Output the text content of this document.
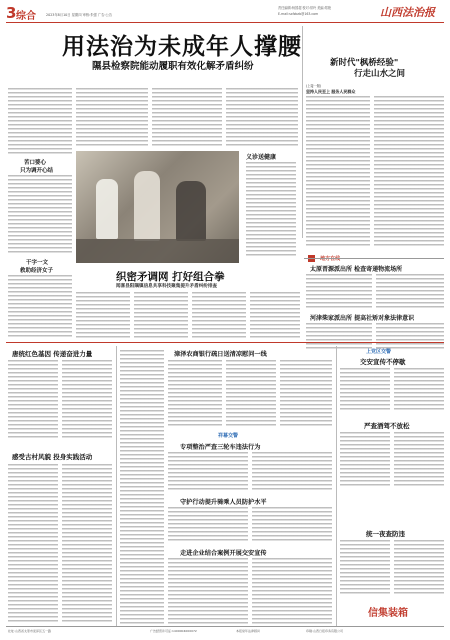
3 综合	2023年8月10日 星期四 审核:朱强 广告:公告
责任编辑:杨国超 校对:常玲 美编:郑艳
E-mail:sxfzbzb@163.com	山西法治报
用法治为未成年人撑腰
隰县检察院能动履职有效化解矛盾纠纷	新时代"枫桥经验"
行走山水之间
(上接一版)
坚持人民至上 服务人民群众
苦口婆心
只为调开心结
干字一文
救助经济女子
义诊送健康
织密矛调网 打好组合拳
闻喜县阳隅镇信息共享科技聚集提升矛盾纠纷排查
地方在线
太原晋源派出所 检查寄递物流场所
河津柴家派出所 提高社矫对象法律意识
唐统红色基因 传递奋进力量
感受古村风貌 投身实践活动
漳泽农商银行疏日送清凉慰问一线
祥幕交警
专项整治严查三轮车违法行为
守护行动提升骑乘人员防护水平
走进企业结合案例开展交安宣传
上党区交警
交安宣传不停歇
严查酒驾不放松
统一夜查防违
信集装箱
社址:山西省太原市迎泽区五一路	广告经营许可证:1400004000072	本报常年法律顾问	印刷:山西日报印务有限公司
